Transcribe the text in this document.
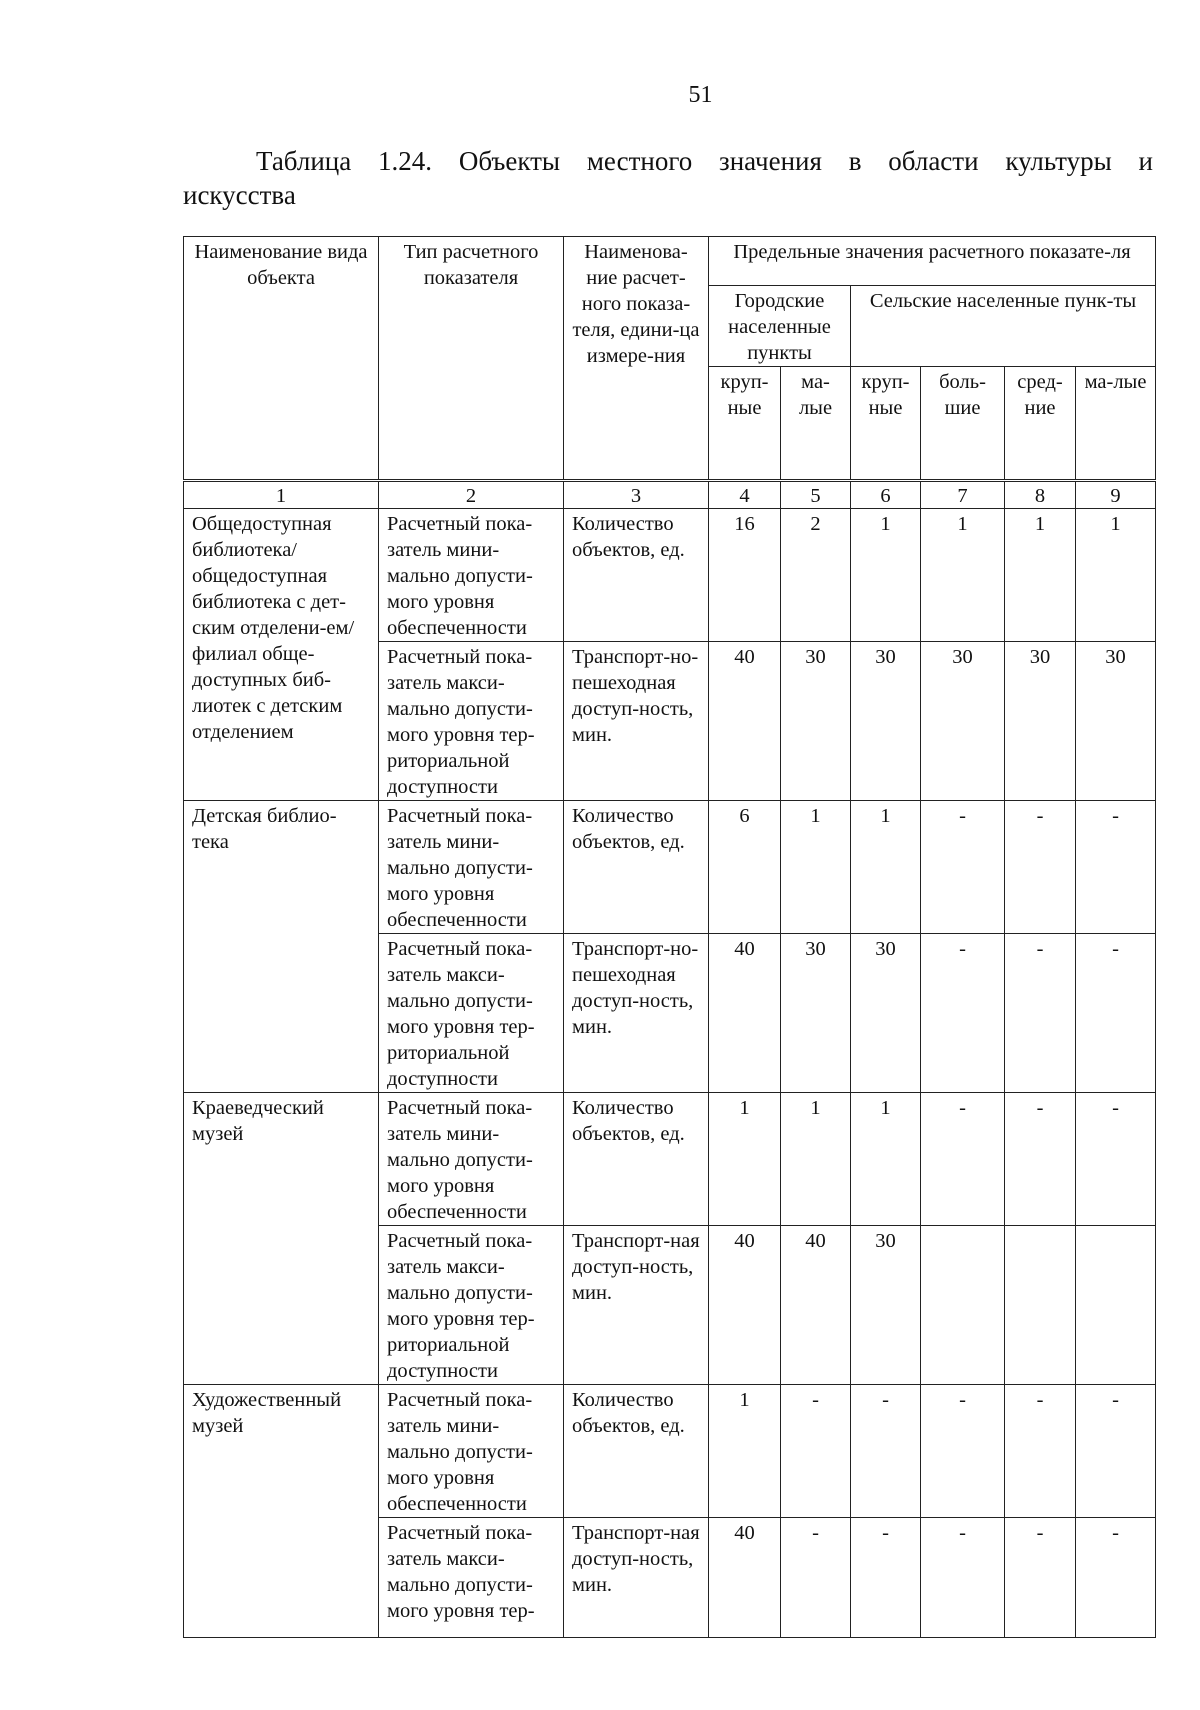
51
Таблица 1.24. Объекты местного значения в области культуры и
искусства
Наименование вида объекта	Тип расчетного показателя	Наименова-ние расчет-ного показа-теля, едини-ца измере-ния	Предельные значения расчетного показате-ля					
			Городские населенные пункты		Сельские населенные пунк-ты			
			круп-ные	ма-лые	круп-ные	боль-шие	сред-ние	ма-лые
1	2	3	4	5	6	7	8	9
Общедоступная библиотека/ общедоступная библиотека с дет-ским отделени-ем/филиал обще-доступных биб-лиотек с детским отделением	Расчетный пока-затель мини-мально допусти-мого уровня обеспеченности	Количество объектов, ед.	16	2	1	1	1	1
	Расчетный пока-затель макси-мально допусти-мого уровня тер-риториальной доступности	Транспорт-но-пешеходная доступ-ность, мин.	40	30	30	30	30	30
Детская библио-тека	Расчетный пока-затель мини-мально допусти-мого уровня обеспеченности	Количество объектов, ед.	6	1	1	-	-	-
	Расчетный пока-затель макси-мально допусти-мого уровня тер-риториальной доступности	Транспорт-но-пешеходная доступ-ность, мин.	40	30	30	-	-	-
Краеведческий музей	Расчетный пока-затель мини-мально допусти-мого уровня обеспеченности	Количество объектов, ед.	1	1	1	-	-	-
	Расчетный пока-затель макси-мально допусти-мого уровня тер-риториальной доступности	Транспорт-ная доступ-ность, мин.	40	40	30			
Художественный музей	Расчетный пока-затель мини-мально допусти-мого уровня обеспеченности	Количество объектов, ед.	1	-	-	-	-	-
	Расчетный пока-затель макси-мально допусти-мого уровня тер-	Транспорт-ная доступ-ность, мин.	40	-	-	-	-	-
